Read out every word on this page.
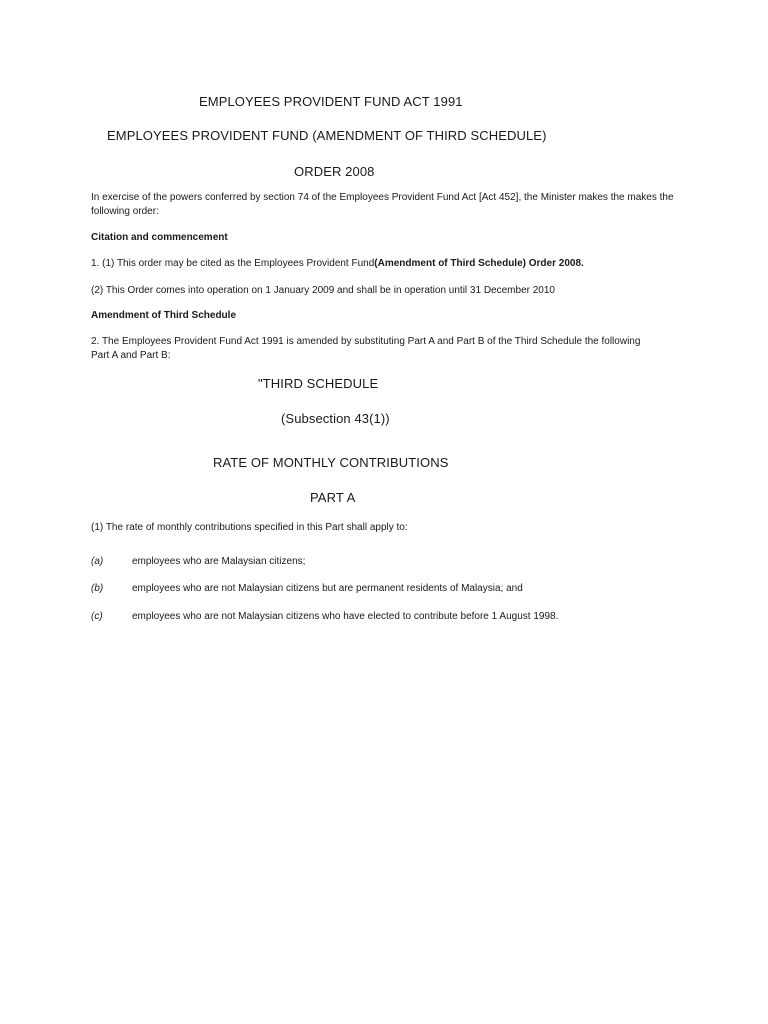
EMPLOYEES PROVIDENT FUND ACT 1991

EMPLOYEES PROVIDENT FUND (AMENDMENT OF THIRD SCHEDULE)

ORDER 2008

In exercise of the powers conferred by section 74 of the Employees Provident Fund Act [Act 452], the Minister makes the makes the following order:

Citation and commencement

1. (1) This order may be cited as the Employees Provident Fund(Amendment of Third Schedule) Order 2008.

(2) This Order comes into operation on 1 January 2009 and shall be in operation until 31 December 2010

Amendment of Third Schedule

2. The Employees Provident Fund Act 1991 is amended by substituting Part A and Part B of the Third Schedule the following Part A and Part B:

"THIRD SCHEDULE

(Subsection 43(1))

RATE OF MONTHLY CONTRIBUTIONS

PART A

(1) The rate of monthly contributions specified in this Part shall apply to:

(a)	employees who are Malaysian citizens;

(b)	employees who are not Malaysian citizens but are permanent residents of Malaysia; and

(c)	employees who are not Malaysian citizens who have elected to contribute before 1 August 1998.
